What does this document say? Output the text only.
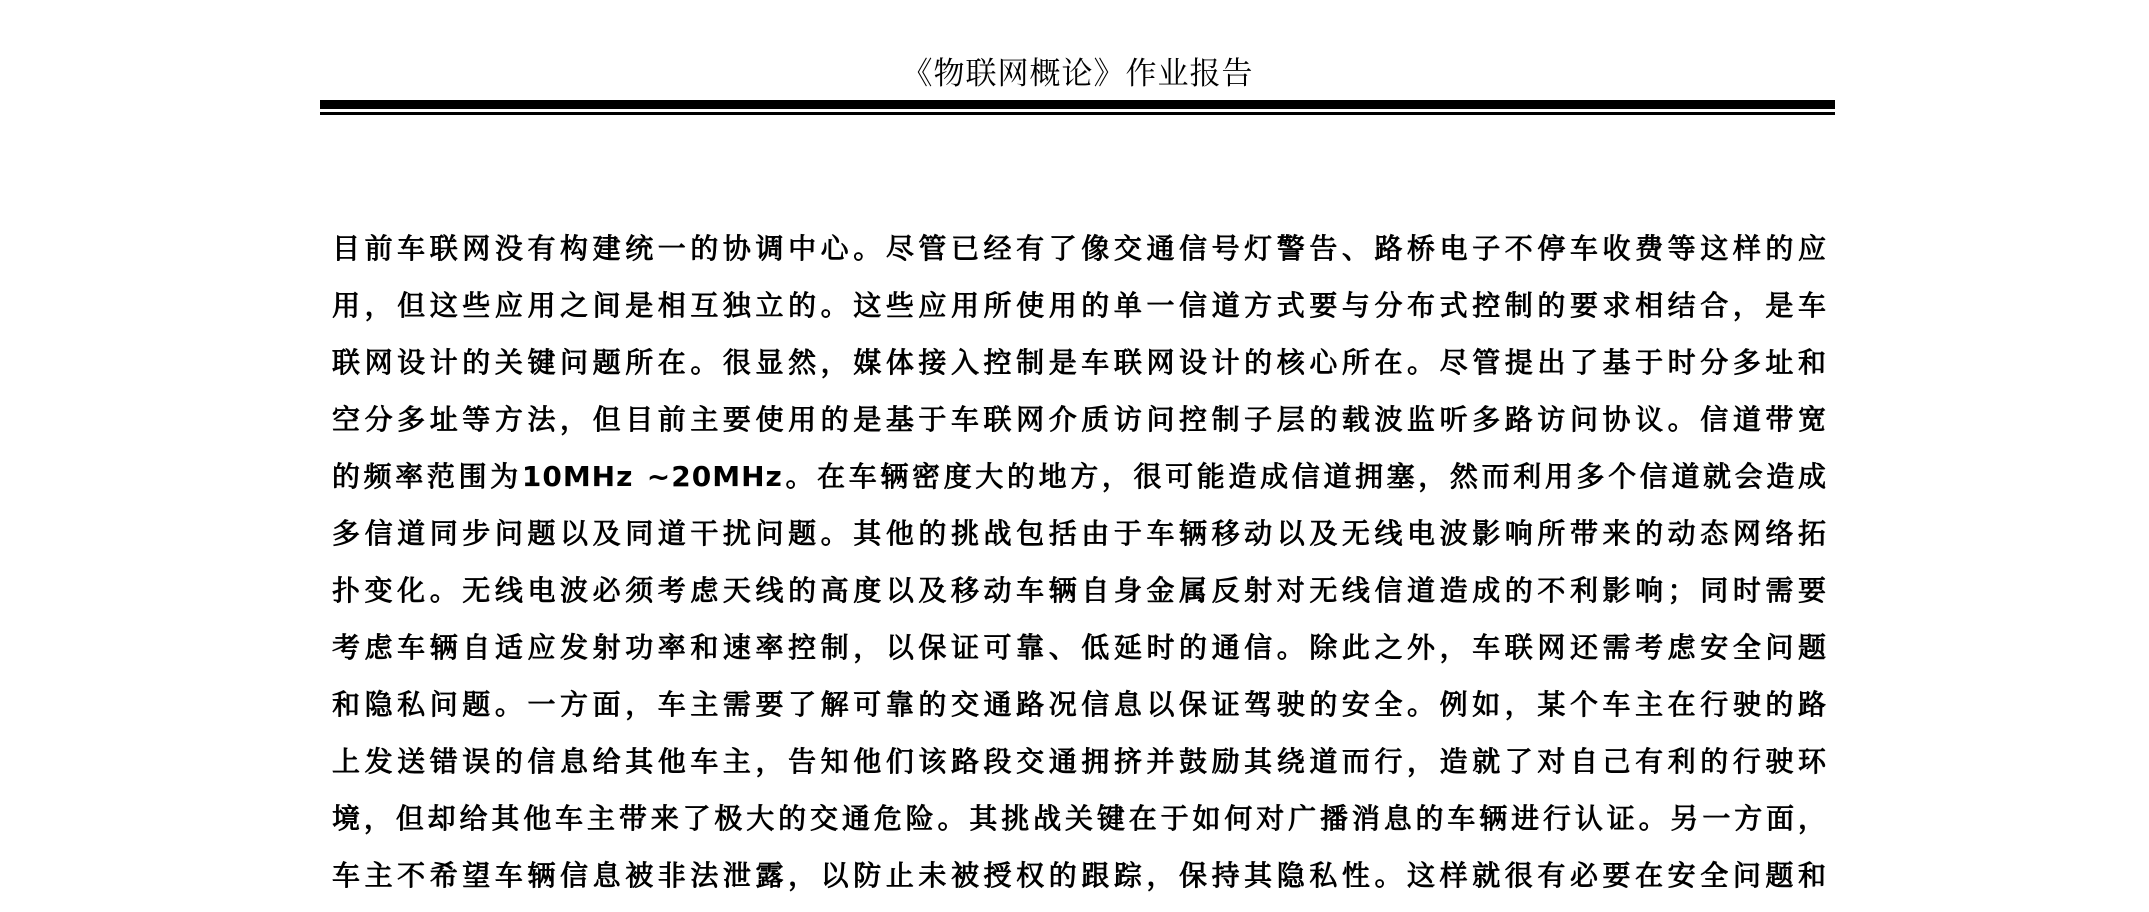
《物联网概论》作业报告
目前车联网没有构建统一的协调中心。尽管已经有了像交通信号灯警告、路桥电子不停车收费等这样的应
用，但这些应用之间是相互独立的。这些应用所使用的单一信道方式要与分布式控制的要求相结合，是车
联网设计的关键问题所在。很显然，媒体接入控制是车联网设计的核心所在。尽管提出了基于时分多址和
空分多址等方法，但目前主要使用的是基于车联网介质访问控制子层的载波监听多路访问协议。信道带宽
的频率范围为10MHz ~20MHz。在车辆密度大的地方，很可能造成信道拥塞，然而利用多个信道就会造成
多信道同步问题以及同道干扰问题。其他的挑战包括由于车辆移动以及无线电波影响所带来的动态网络拓
扑变化。无线电波必须考虑天线的高度以及移动车辆自身金属反射对无线信道造成的不利影响；同时需要
考虑车辆自适应发射功率和速率控制，以保证可靠、低延时的通信。除此之外，车联网还需考虑安全问题
和隐私问题。一方面，车主需要了解可靠的交通路况信息以保证驾驶的安全。例如，某个车主在行驶的路
上发送错误的信息给其他车主，告知他们该路段交通拥挤并鼓励其绕道而行，造就了对自己有利的行驶环
境，但却给其他车主带来了极大的交通危险。其挑战关键在于如何对广播消息的车辆进行认证。另一方面，
车主不希望车辆信息被非法泄露，以防止未被授权的跟踪，保持其隐私性。这样就很有必要在安全问题和
